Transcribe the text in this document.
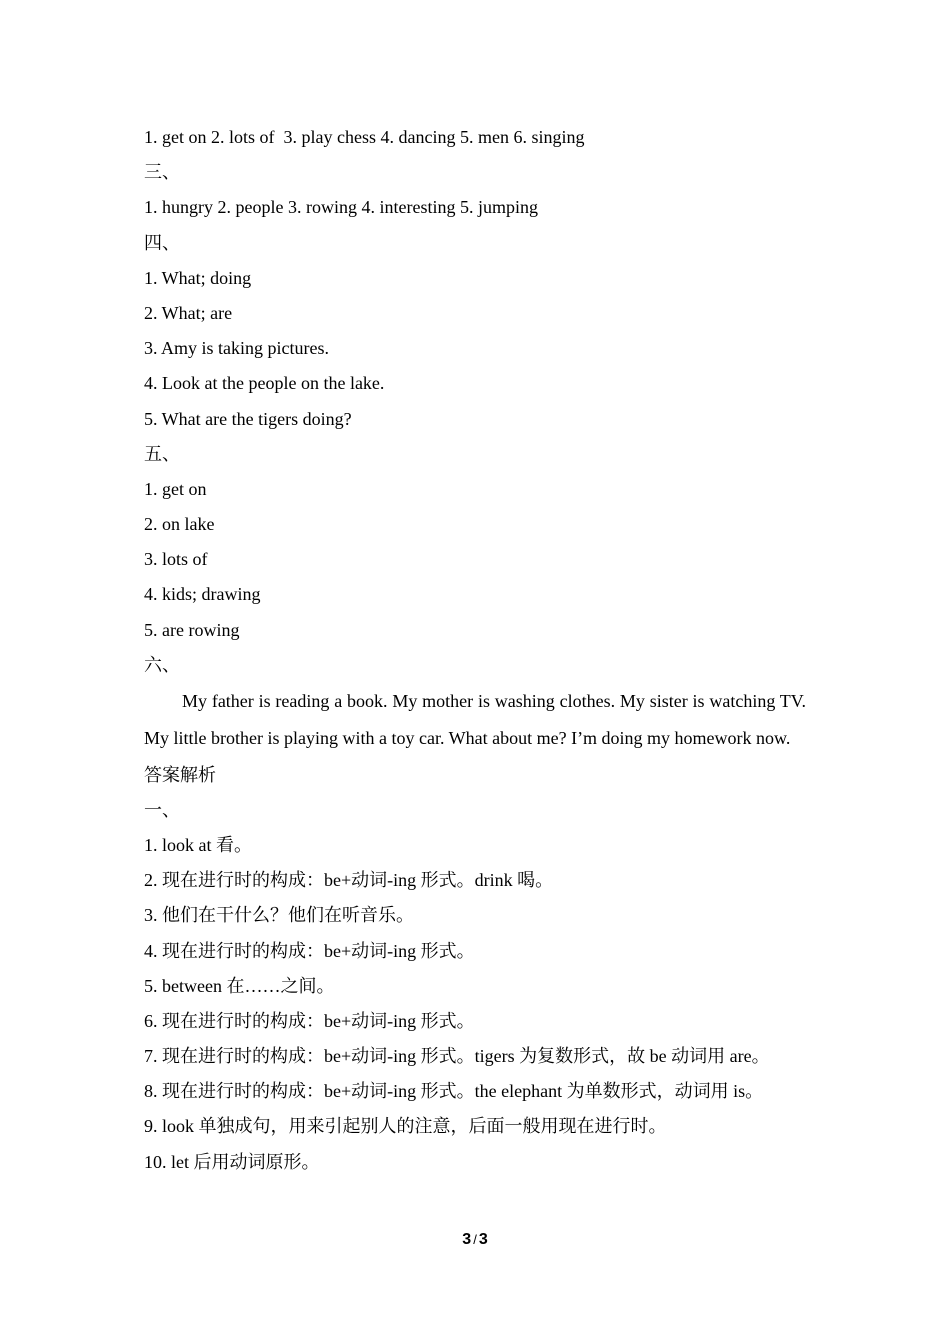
1. get on 2. lots of  3. play chess 4. dancing 5. men 6. singing
三、
1. hungry 2. people 3. rowing 4. interesting 5. jumping
四、
1. What; doing
2. What; are
3. Amy is taking pictures.
4. Look at the people on the lake.
5. What are the tigers doing?
五、
1. get on
2. on lake
3. lots of
4. kids; drawing
5. are rowing
六、

My father is reading a book. My mother is washing clothes. My sister is watching TV. My little brother is playing with a toy car. What about me? I’m doing my homework now.

答案解析
一、
1. look at 看。
2. 现在进行时的构成：be+动词-ing 形式。drink 喝。
3. 他们在干什么？他们在听音乐。
4. 现在进行时的构成：be+动词-ing 形式。
5. between 在……之间。
6. 现在进行时的构成：be+动词-ing 形式。
7. 现在进行时的构成：be+动词-ing 形式。tigers 为复数形式，故 be 动词用 are。
8. 现在进行时的构成：be+动词-ing 形式。the elephant 为单数形式，动词用 is。
9. look 单独成句，用来引起别人的注意，后面一般用现在进行时。
10. let 后用动词原形。
3 / 3
